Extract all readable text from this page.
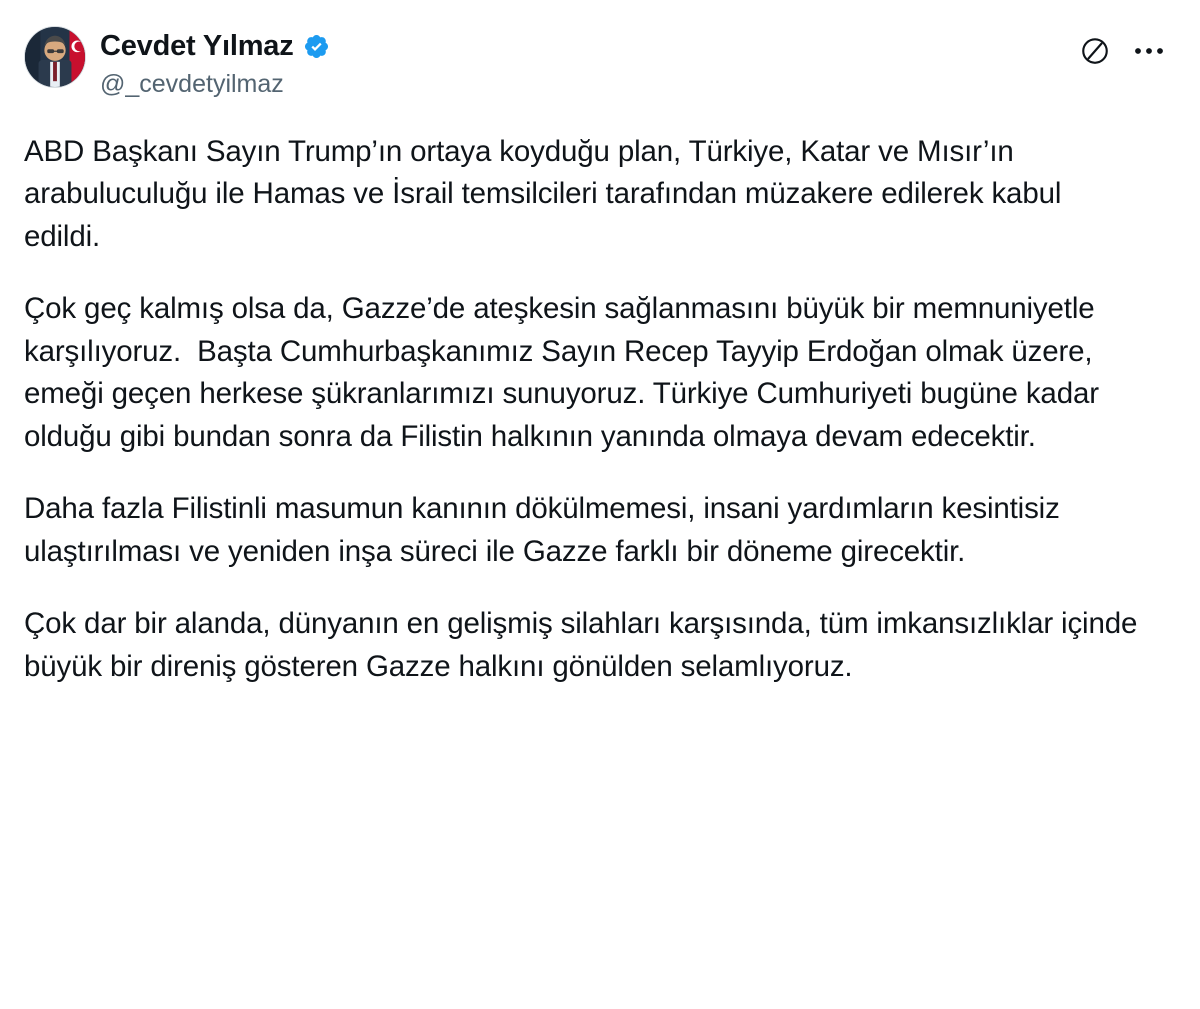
Cevdet Yılmaz
@_cevdetyilmaz

ABD Başkanı Sayın Trump’ın ortaya koyduğu plan, Türkiye, Katar ve Mısır’ın arabuluculuğu ile Hamas ve İsrail temsilcileri tarafından müzakere edilerek kabul edildi.

Çok geç kalmış olsa da, Gazze’de ateşkesin sağlanmasını büyük bir memnuniyetle karşılıyoruz.  Başta Cumhurbaşkanımız Sayın Recep Tayyip Erdoğan olmak üzere, emeği geçen herkese şükranlarımızı sunuyoruz. Türkiye Cumhuriyeti bugüne kadar olduğu gibi bundan sonra da Filistin halkının yanında olmaya devam edecektir.

Daha fazla Filistinli masumun kanının dökülmemesi, insani yardımların kesintisiz ulaştırılması ve yeniden inşa süreci ile Gazze farklı bir döneme girecektir.

Çok dar bir alanda, dünyanın en gelişmiş silahları karşısında, tüm imkansızlıklar içinde büyük bir direniş gösteren Gazze halkını gönülden selamlıyoruz.
